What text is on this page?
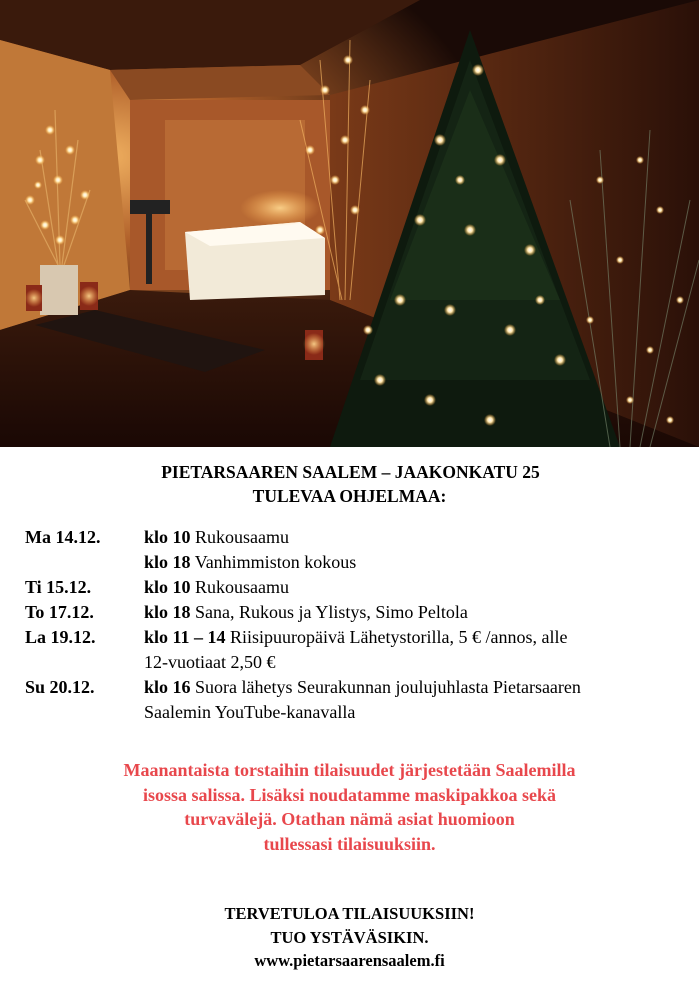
PIETARSAAREN SAALEM – JAAKONKATU 25
TULEVAA OHJELMAA:
Ma 14.12.	klo 10 Rukousaamu
klo 18 Vanhimmiston kokous
Ti 15.12.	klo 10 Rukousaamu
To 17.12.	klo 18 Sana, Rukous ja Ylistys, Simo Peltola
La 19.12.	klo 11 – 14 Riisipuuropäivä Lähetystorilla, 5 € /annos, alle
12-vuotiaat 2,50 €
Su 20.12.	klo 16 Suora lähetys Seurakunnan joulujuhlasta Pietarsaaren
Saalemin YouTube-kanavalla
Maanantaista torstaihin tilaisuudet järjestetään Saalemilla
isossa salissa. Lisäksi noudatamme maskipakkoa sekä
turvavälejä. Otathan nämä asiat huomioon
tullessasi tilaisuuksiin.
TERVETULOA TILAISUUKSIIN!
TUO YSTÄVÄSIKIN.
www.pietarsaarensaalem.fi
